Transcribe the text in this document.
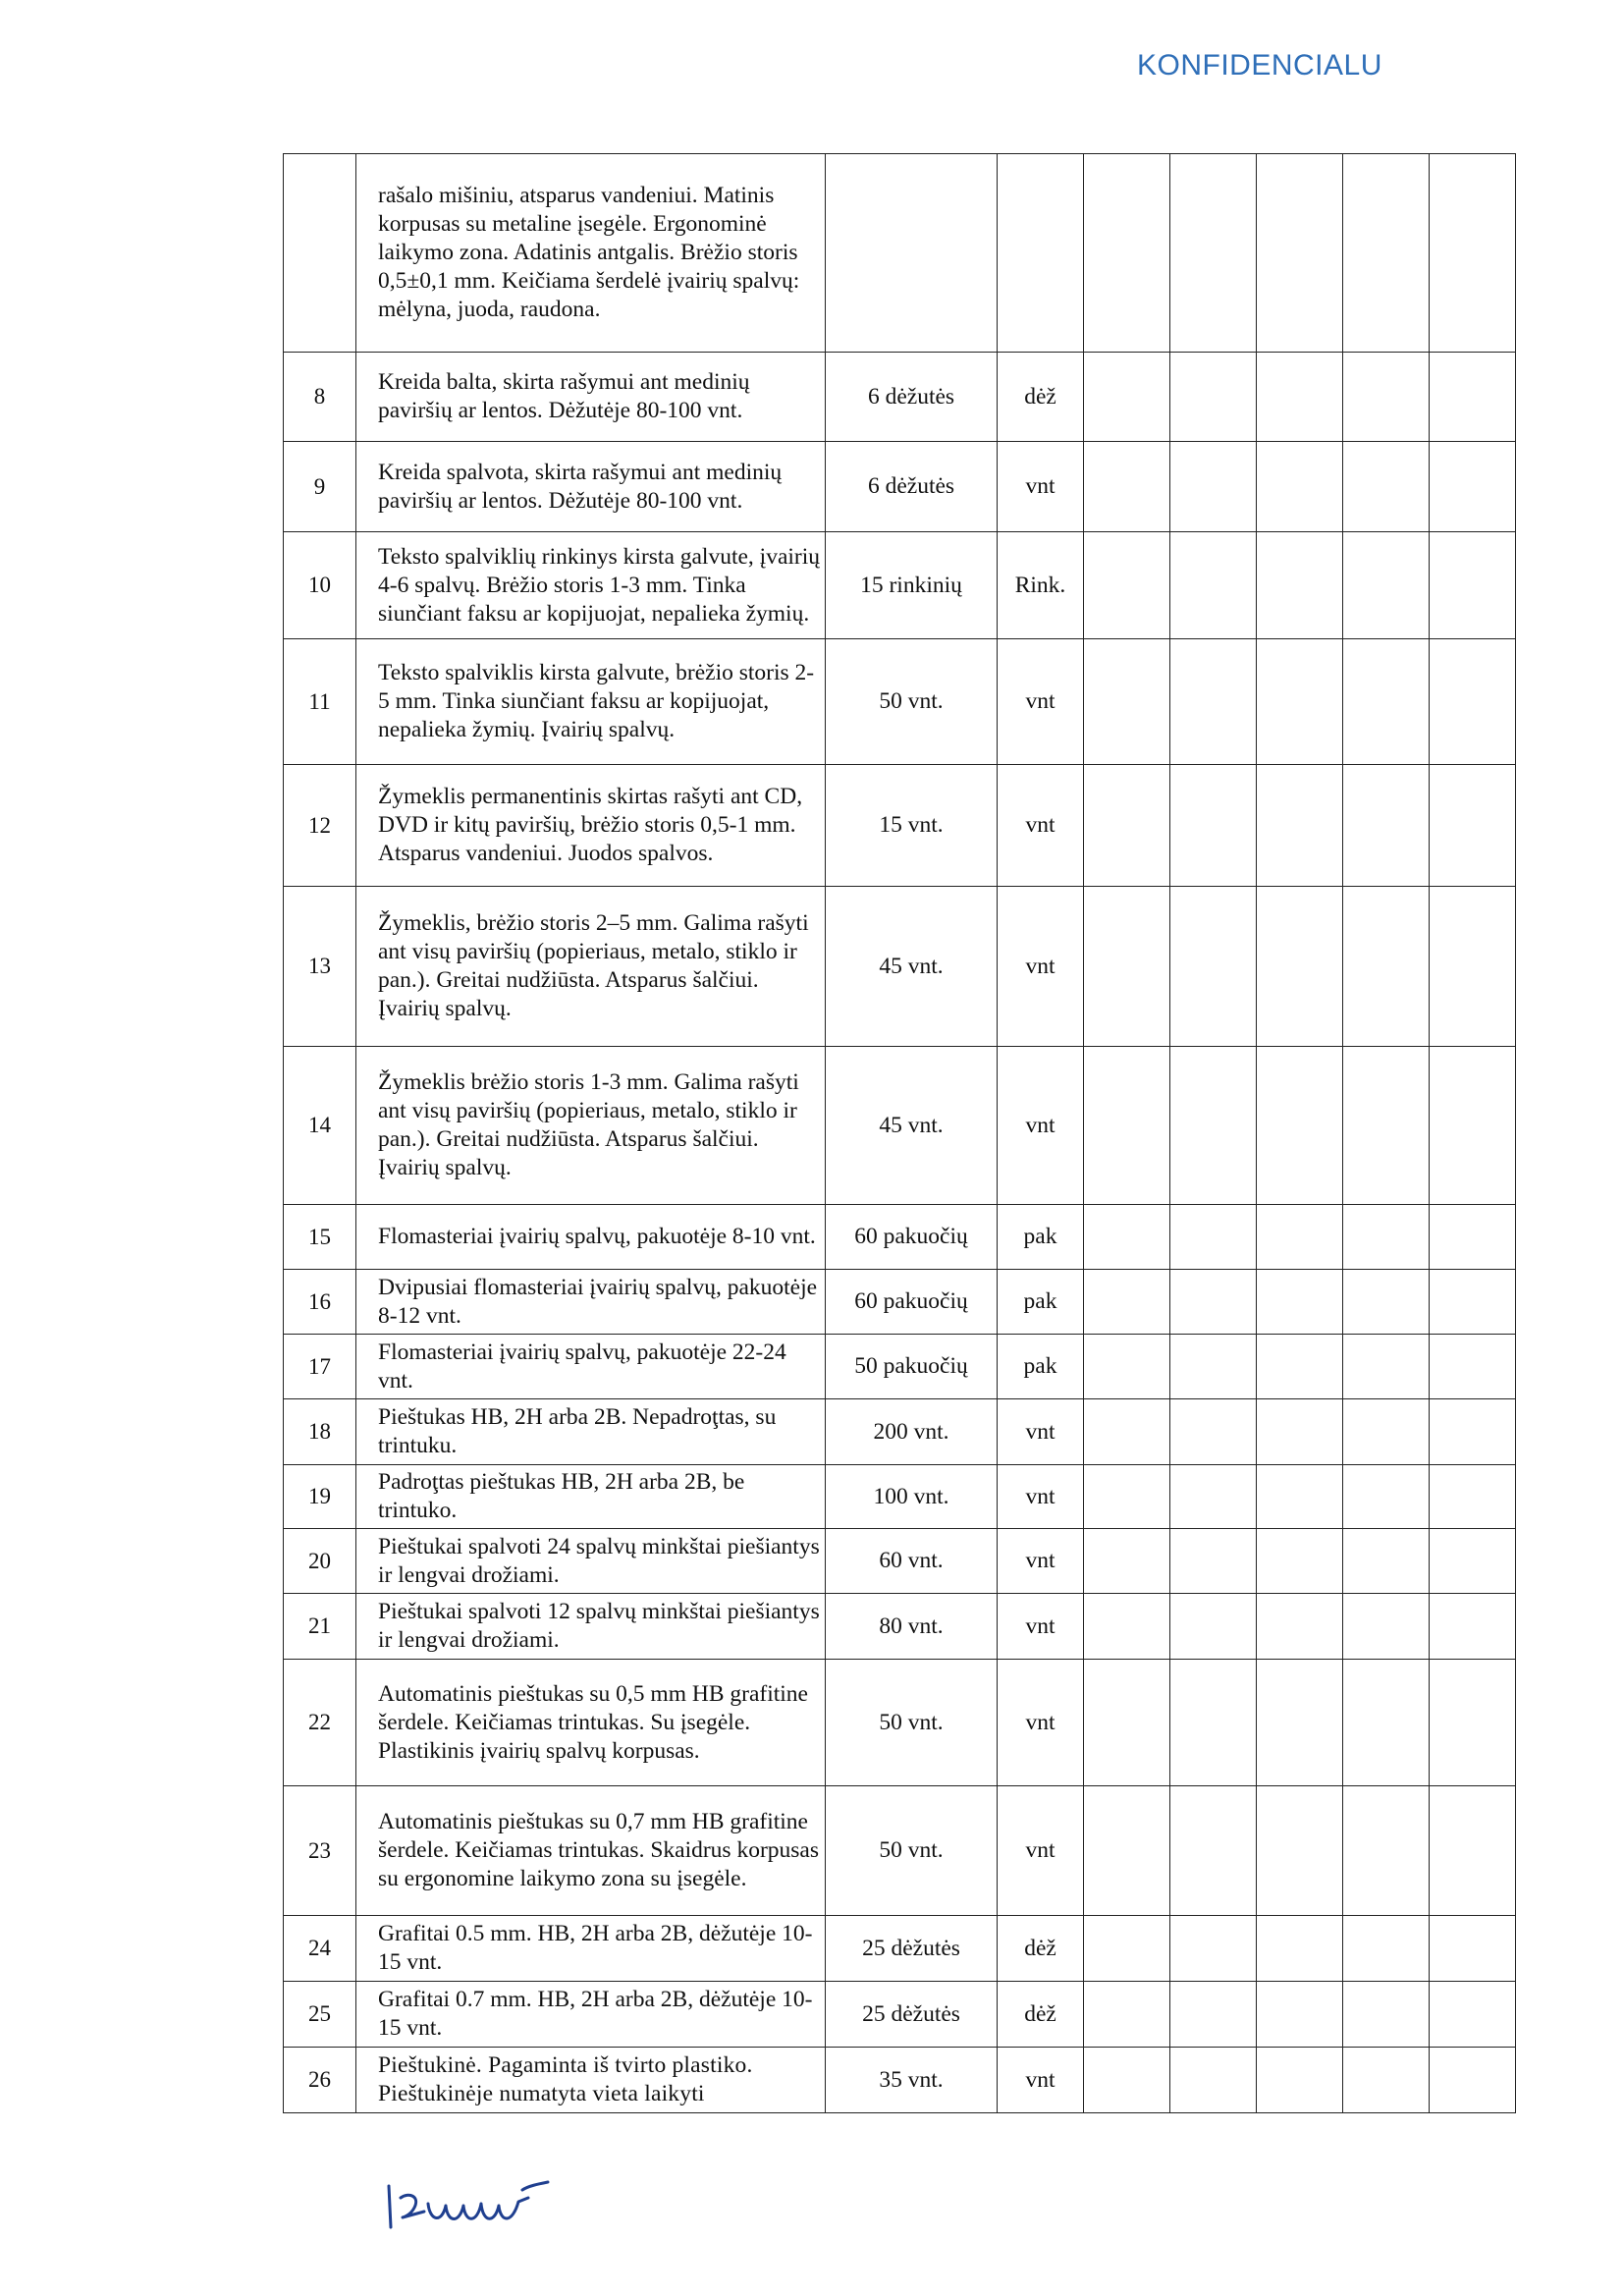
KONFIDENCIALU
	rašalo mišiniu, atsparus vandeniui. Matinis korpusas su metaline įsegėle. Ergonominė laikymo zona. Adatinis antgalis. Brėžio storis 0,5±0,1 mm. Keičiama šerdelė įvairių spalvų: mėlyna, juoda, raudona.							
8	Kreida balta, skirta rašymui ant medinių paviršių ar lentos. Dėžutėje 80-100 vnt.	6 dėžutės	dėž					
9	Kreida spalvota, skirta rašymui ant medinių paviršių ar lentos. Dėžutėje 80-100 vnt.	6 dėžutės	vnt					
10	Teksto spalviklių rinkinys kirsta galvute, įvairių 4-6 spalvų. Brėžio storis 1-3 mm. Tinka siunčiant faksu ar kopijuojat, nepalieka žymių.	15 rinkinių	Rink.					
11	Teksto spalviklis kirsta galvute, brėžio storis 2-5 mm. Tinka siunčiant faksu ar kopijuojat, nepalieka žymių. Įvairių spalvų.	50 vnt.	vnt					
12	Žymeklis permanentinis skirtas rašyti ant CD, DVD ir kitų paviršių, brėžio storis 0,5-1 mm. Atsparus vandeniui. Juodos spalvos.	15 vnt.	vnt					
13	Žymeklis, brėžio storis 2–5 mm. Galima rašyti ant visų paviršių (popieriaus, metalo, stiklo ir pan.). Greitai nudžiūsta. Atsparus šalčiui. Įvairių spalvų.	45 vnt.	vnt					
14	Žymeklis brėžio storis 1-3 mm. Galima rašyti ant visų paviršių (popieriaus, metalo, stiklo ir pan.). Greitai nudžiūsta. Atsparus šalčiui. Įvairių spalvų.	45 vnt.	vnt					
15	Flomasteriai įvairių spalvų, pakuotėje 8-10 vnt.	60 pakuočių	pak					
16	Dvipusiai flomasteriai įvairių spalvų, pakuotėje 8-12 vnt.	60 pakuočių	pak					
17	Flomasteriai įvairių spalvų, pakuotėje 22-24 vnt.	50 pakuočių	pak					
18	Pieštukas HB, 2H arba 2B. Nepadroţtas, su trintuku.	200 vnt.	vnt					
19	Padroţtas pieštukas HB, 2H arba 2B, be trintuko.	100 vnt.	vnt					
20	Pieštukai spalvoti 24 spalvų minkštai piešiantys ir lengvai drožiami.	60 vnt.	vnt					
21	Pieštukai spalvoti 12 spalvų minkštai piešiantys ir lengvai drožiami.	80 vnt.	vnt					
22	Automatinis pieštukas su 0,5 mm HB grafitine šerdele. Keičiamas trintukas. Su įsegėle. Plastikinis įvairių spalvų korpusas.	50 vnt.	vnt					
23	Automatinis pieštukas su 0,7 mm HB grafitine šerdele. Keičiamas trintukas. Skaidrus korpusas su ergonomine laikymo zona su įsegėle.	50 vnt.	vnt					
24	Grafitai 0.5 mm. HB, 2H arba 2B, dėžutėje 10-15 vnt.	25 dėžutės	dėž					
25	Grafitai 0.7 mm. HB, 2H arba 2B, dėžutėje 10-15 vnt.	25 dėžutės	dėž					
26	Pieštukinė. Pagaminta iš tvirto plastiko. Pieštukinėje numatyta vieta laikyti	35 vnt.	vnt					
